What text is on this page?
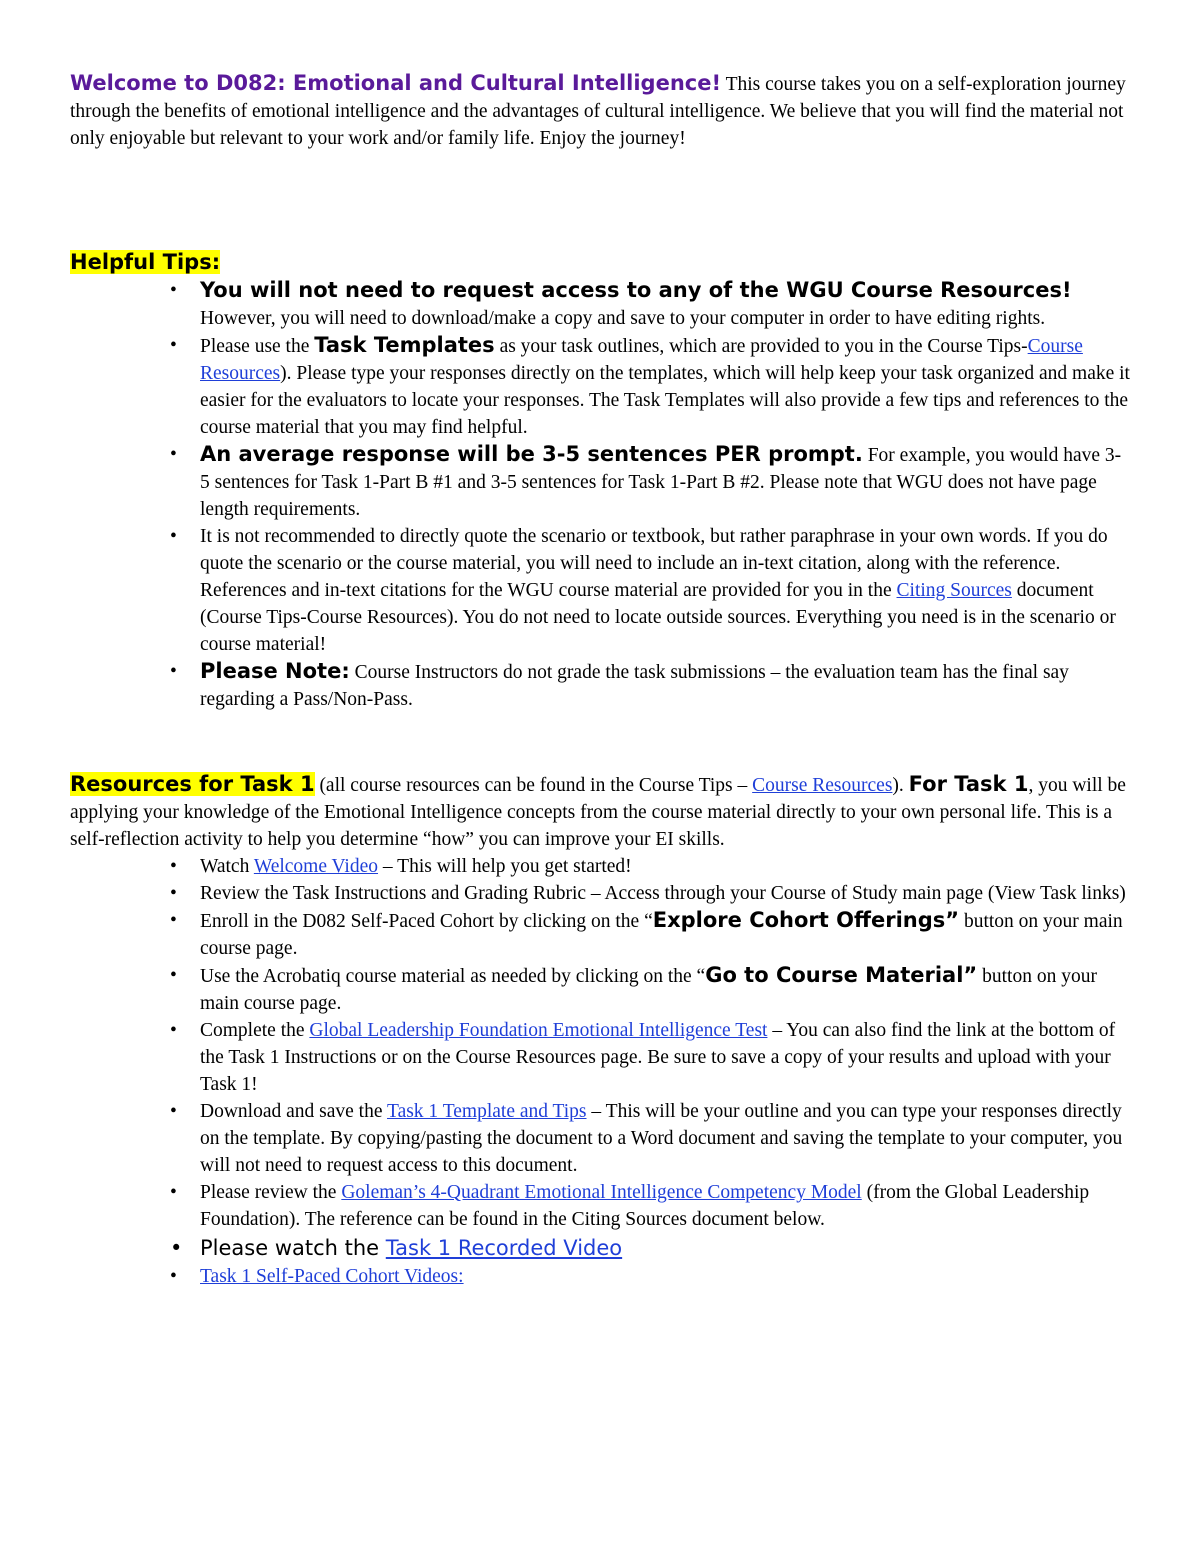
Welcome to D082: Emotional and Cultural Intelligence! This course takes you on a self-exploration journey through the benefits of emotional intelligence and the advantages of cultural intelligence. We believe that you will find the material not only enjoyable but relevant to your work and/or family life. Enjoy the journey!

Helpful Tips:

• You will not need to request access to any of the WGU Course Resources! However, you will need to download/make a copy and save to your computer in order to have editing rights.
• Please use the Task Templates as your task outlines, which are provided to you in the Course Tips-Course Resources). Please type your responses directly on the templates, which will help keep your task organized and make it easier for the evaluators to locate your responses. The Task Templates will also provide a few tips and references to the course material that you may find helpful.
• An average response will be 3-5 sentences PER prompt. For example, you would have 3-5 sentences for Task 1-Part B #1 and 3-5 sentences for Task 1-Part B #2. Please note that WGU does not have page length requirements.
• It is not recommended to directly quote the scenario or textbook, but rather paraphrase in your own words. If you do quote the scenario or the course material, you will need to include an in-text citation, along with the reference. References and in-text citations for the WGU course material are provided for you in the Citing Sources document (Course Tips-Course Resources). You do not need to locate outside sources. Everything you need is in the scenario or course material!
• Please Note: Course Instructors do not grade the task submissions – the evaluation team has the final say regarding a Pass/Non-Pass.

Resources for Task 1 (all course resources can be found in the Course Tips – Course Resources). For Task 1, you will be applying your knowledge of the Emotional Intelligence concepts from the course material directly to your own personal life. This is a self-reflection activity to help you determine “how” you can improve your EI skills.

• Watch Welcome Video – This will help you get started!
• Review the Task Instructions and Grading Rubric – Access through your Course of Study main page (View Task links)
• Enroll in the D082 Self-Paced Cohort by clicking on the “Explore Cohort Offerings” button on your main course page.
• Use the Acrobatiq course material as needed by clicking on the “Go to Course Material” button on your main course page.
• Complete the Global Leadership Foundation Emotional Intelligence Test – You can also find the link at the bottom of the Task 1 Instructions or on the Course Resources page. Be sure to save a copy of your results and upload with your Task 1!
• Download and save the Task 1 Template and Tips – This will be your outline and you can type your responses directly on the template. By copying/pasting the document to a Word document and saving the template to your computer, you will not need to request access to this document.
• Please review the Goleman’s 4-Quadrant Emotional Intelligence Competency Model (from the Global Leadership Foundation). The reference can be found in the Citing Sources document below.
• Please watch the Task 1 Recorded Video
• Task 1 Self-Paced Cohort Videos:
